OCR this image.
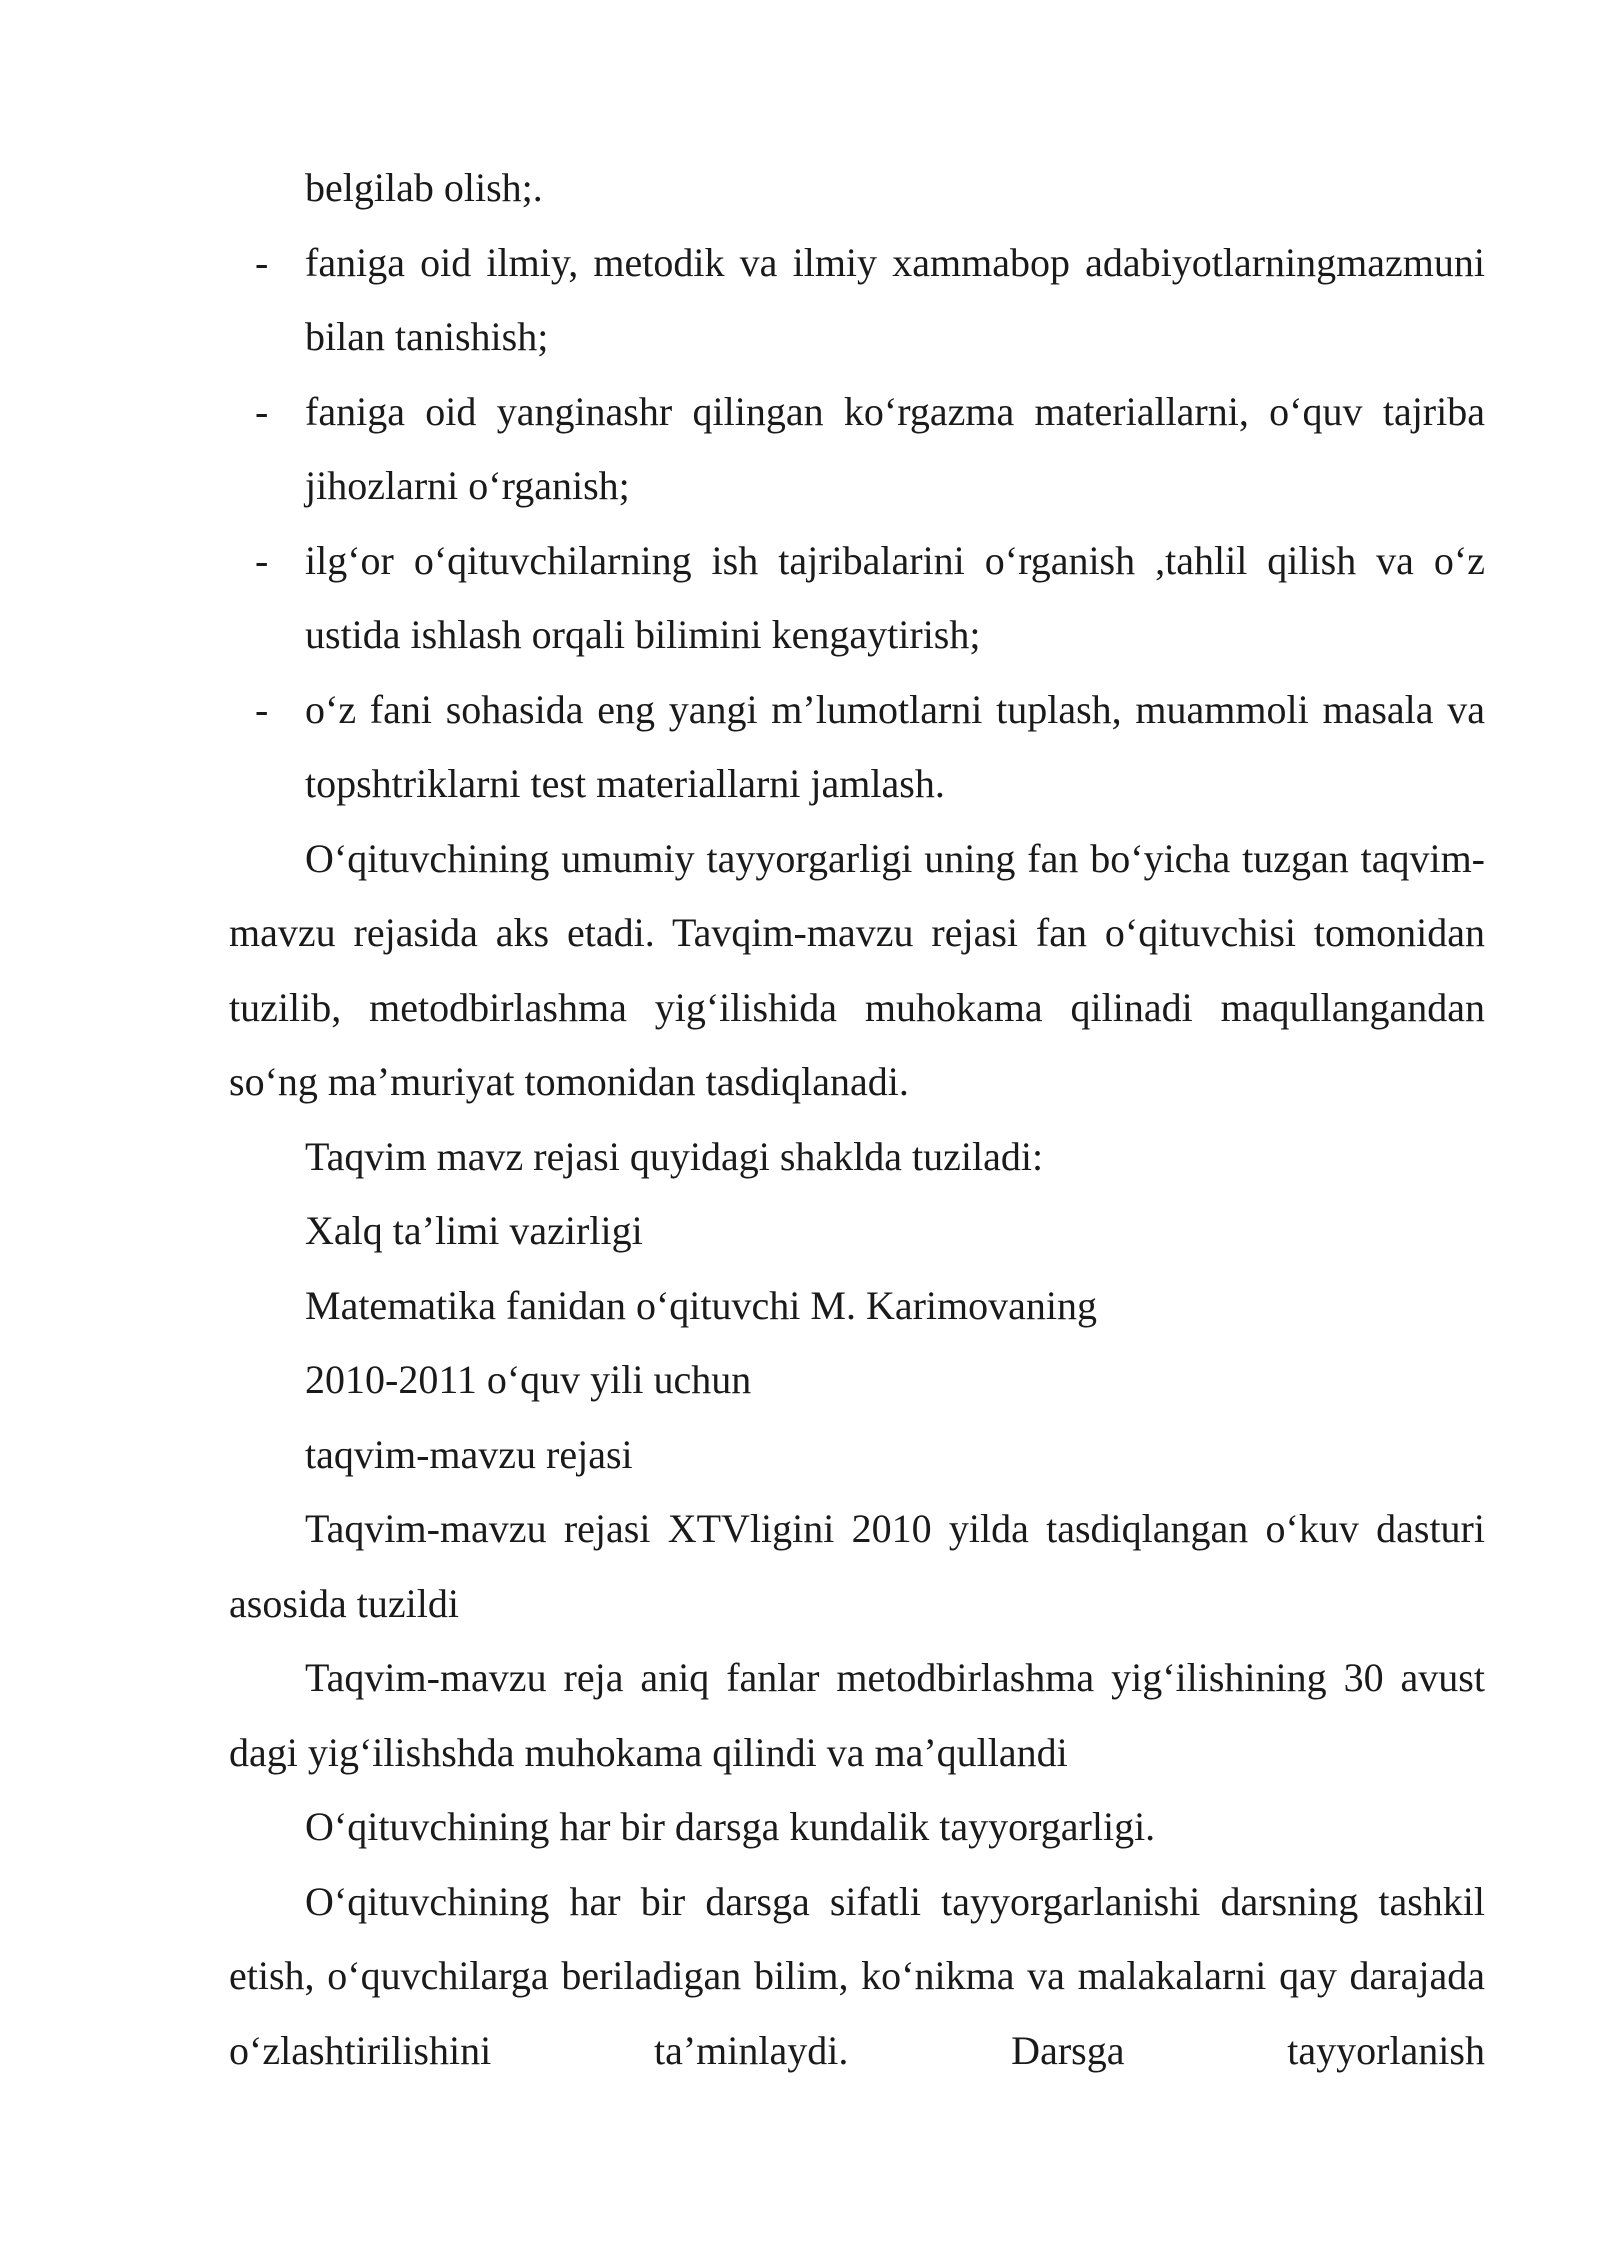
belgilab olish;.

- faniga oid ilmiy, metodik va ilmiy xammabop adabiyotlarningmazmuni bilan tanishish;

- faniga oid yanginashr qilingan ko‘rgazma materiallarni, o‘quv tajriba jihozlarni o‘rganish;

- ilg‘or o‘qituvchilarning ish tajribalarini o‘rganish ,tahlil qilish va o‘z ustida ishlash orqali bilimini kengaytirish;

- o‘z fani sohasida eng yangi m’lumotlarni tuplash, muammoli masala va topshtriklarni test materiallarni jamlash.

O‘qituvchining umumiy tayyorgarligi uning fan bo‘yicha tuzgan taqvim-mavzu rejasida aks etadi. Tavqim-mavzu rejasi fan o‘qituvchisi tomonidan tuzilib, metodbirlashma yig‘ilishida muhokama qilinadi maqullangandan so‘ng ma’muriyat tomonidan tasdiqlanadi.

Taqvim mavz rejasi quyidagi shaklda tuziladi:

Xalq ta’limi vazirligi

Matematika fanidan o‘qituvchi M. Karimovaning

2010-2011 o‘quv yili uchun

taqvim-mavzu rejasi

Taqvim-mavzu rejasi XTVligini 2010 yilda tasdiqlangan o‘kuv dasturi asosida tuzildi

Taqvim-mavzu reja aniq fanlar metodbirlashma yig‘ilishining 30 avust dagi yig‘ilishshda muhokama qilindi va ma’qullandi

O‘qituvchining har bir darsga kundalik tayyorgarligi.

O‘qituvchining har bir darsga sifatli tayyorgarlanishi darsning tashkil etish, o‘quvchilarga beriladigan bilim, ko‘nikma va malakalarni qay darajada o‘zlashtirilishini ta’minlaydi. Darsga tayyorlanish
